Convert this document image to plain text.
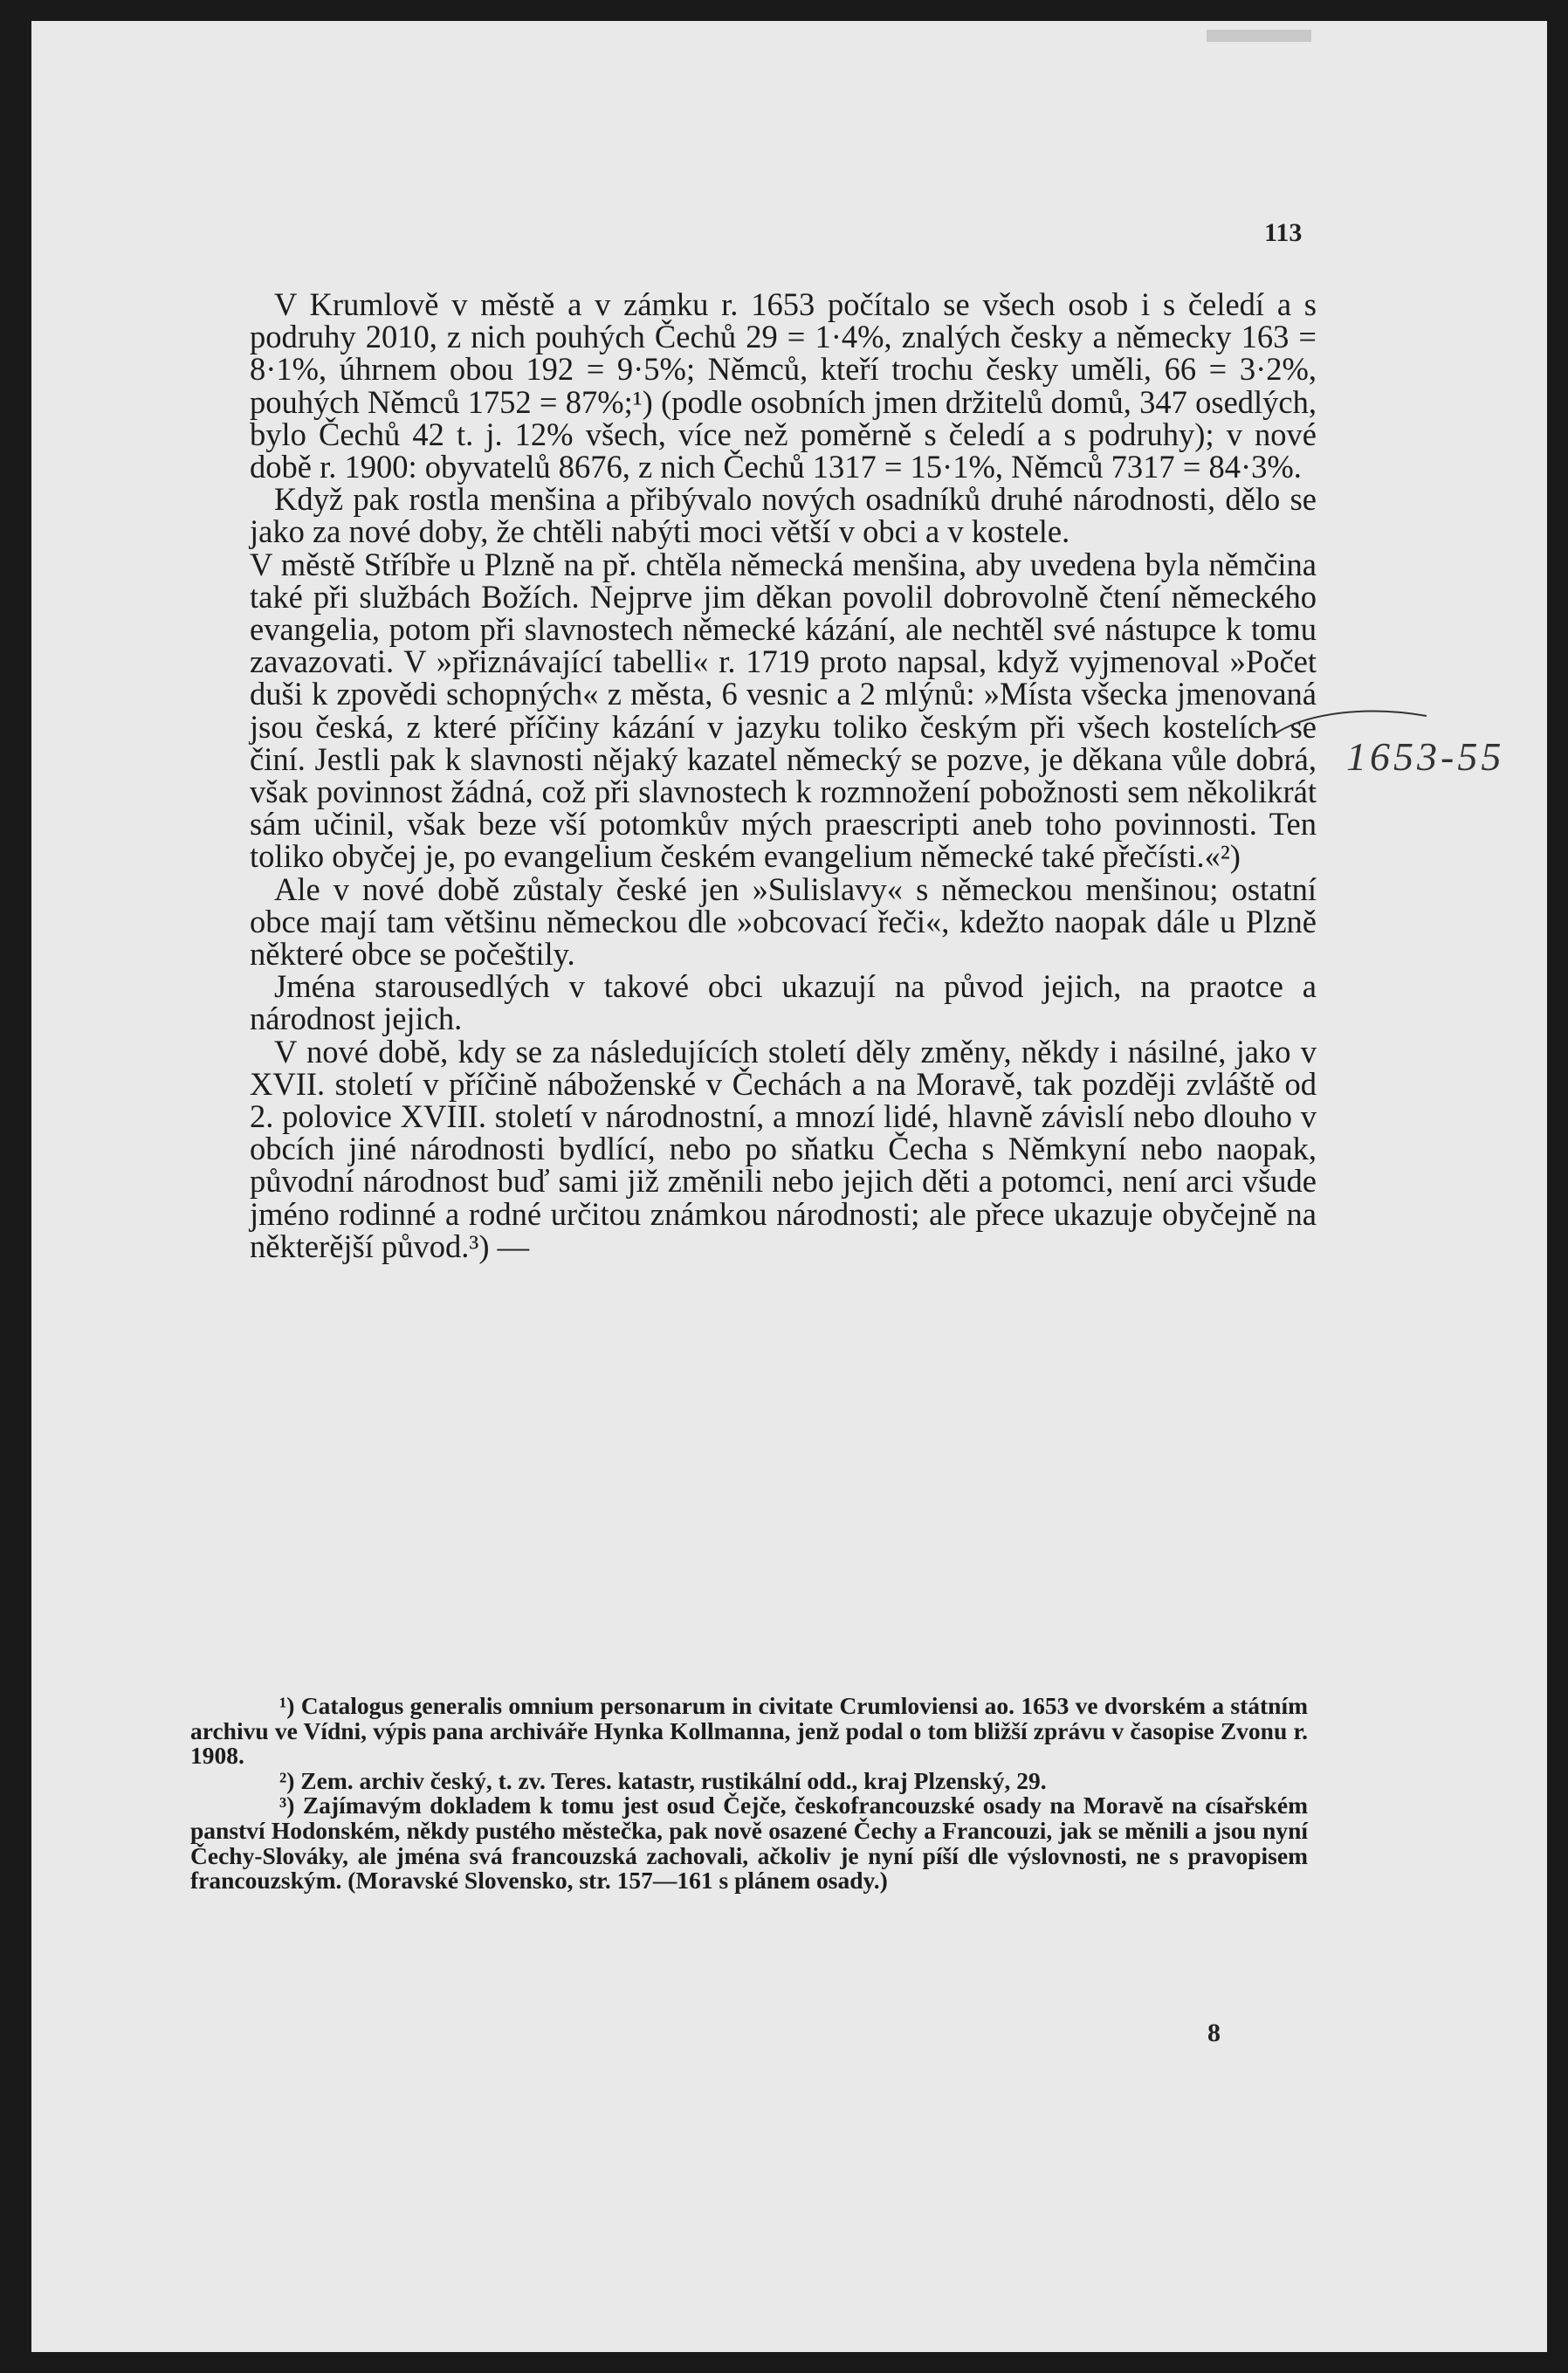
113

V Krumlově v městě a v zámku r. 1653 počítalo se všech osob i s čeledí a s podruhy 2010, z nich pouhých Čechů 29 = 1·4%, znalých česky a německy 163 = 8·1%, úhrnem obou 192 = 9·5%; Němců, kteří trochu česky uměli, 66 = 3·2%, pouhých Němců 1752 = 87%;¹) (podle osobních jmen držitelů domů, 347 osedlých, bylo Čechů 42 t. j. 12% všech, více než poměrně s čeledí a s podruhy); v nové době r. 1900: obyvatelů 8676, z nich Čechů 1317 = 15·1%, Němců 7317 = 84·3%.

Když pak rostla menšina a přibývalo nových osadníků druhé národnosti, dělo se jako za nové doby, že chtěli nabýti moci větší v obci a v kostele.

V městě Stříbře u Plzně na př. chtěla německá menšina, aby uvedena byla němčina také při službách Božích. Nejprve jim děkan povolil dobrovolně čtení německého evangelia, potom při slavnostech německé kázání, ale nechtěl své nástupce k tomu zavazovati. V »přiznávající tabelli« r. 1719 proto napsal, když vyjmenoval »Počet duši k zpovědi schopných« z města, 6 vesnic a 2 mlýnů: »Místa všecka jmenovaná jsou česká, z které příčiny kázání v jazyku toliko českým při všech kostelích se činí. Jestli pak k slavnosti nějaký kazatel německý se pozve, je děkana vůle dobrá, však povinnost žádná, což při slavnostech k rozmnožení pobožnosti sem několikrát sám učinil, však beze vší potomkův mých praescripti aneb toho povinnosti. Ten toliko obyčej je, po evangelium českém evangelium německé také přečísti.«²)

Ale v nové době zůstaly české jen »Sulislavy« s německou menšinou; ostatní obce mají tam většinu německou dle »obcovací řeči«, kdežto naopak dále u Plzně některé obce se počeštily.

Jména starousedlých v takové obci ukazují na původ jejich, na praotce a národnost jejich.

V nové době, kdy se za následujících století děly změny, někdy i násilné, jako v XVII. století v příčině náboženské v Čechách a na Moravě, tak později zvláště od 2. polovice XVIII. století v národnostní, a mnozí lidé, hlavně závislí nebo dlouho v obcích jiné národnosti bydlící, nebo po sňatku Čecha s Němkyní nebo naopak, původní národnost buď sami již změnili nebo jejich děti a potomci, není arci všude jméno rodinné a rodné určitou známkou národnosti; ale přece ukazuje obyčejně na některější původ.³) —

1653-55

¹) Catalogus generalis omnium personarum in civitate Crumloviensi ao. 1653 ve dvorském a státním archivu ve Vídni, výpis pana archiváře Hynka Kollmanna, jenž podal o tom bližší zprávu v časopise Zvonu r. 1908.

²) Zem. archiv český, t. zv. Teres. katastr, rustikální odd., kraj Plzenský, 29.

³) Zajímavým dokladem k tomu jest osud Čejče, českofrancouzské osady na Moravě na císařském panství Hodonském, někdy pustého městečka, pak nově osazené Čechy a Francouzi, jak se měnili a jsou nyní Čechy-Slováky, ale jména svá francouzská zachovali, ačkoliv je nyní píší dle výslovnosti, ne s pravopisem francouzským. (Moravské Slovensko, str. 157—161 s plánem osady.)

8
